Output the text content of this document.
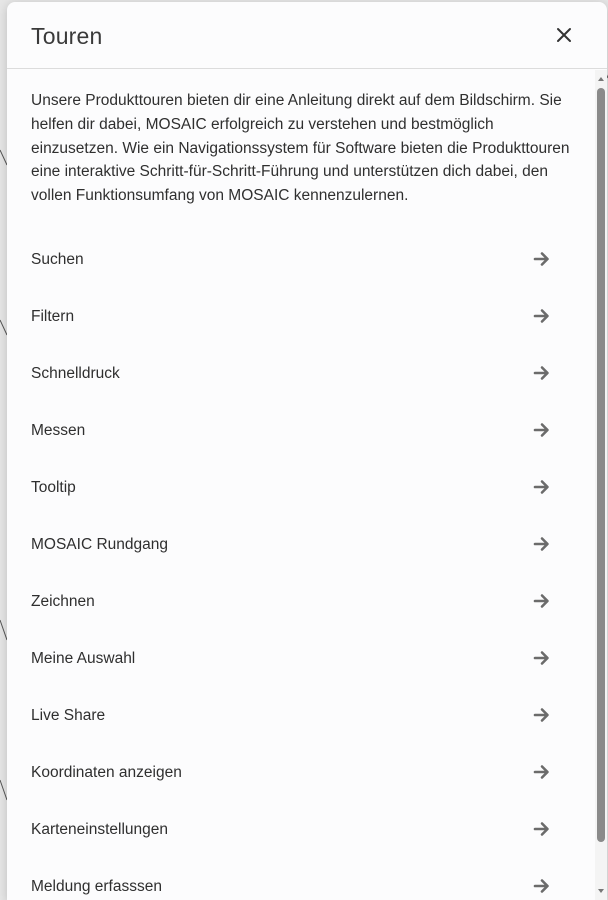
Touren

Unsere Produkttouren bieten dir eine Anleitung direkt auf dem Bildschirm. Sie helfen dir dabei, MOSAIC erfolgreich zu verstehen und bestmöglich einzusetzen. Wie ein Navigationssystem für Software bieten die Produkttouren eine interaktive Schritt-für-Schritt-Führung und unterstützen dich dabei, den vollen Funktionsumfang von MOSAIC kennenzulernen.

Suchen
Filtern
Schnelldruck
Messen
Tooltip
MOSAIC Rundgang
Zeichnen
Meine Auswahl
Live Share
Koordinaten anzeigen
Karteneinstellungen
Meldung erfasssen
